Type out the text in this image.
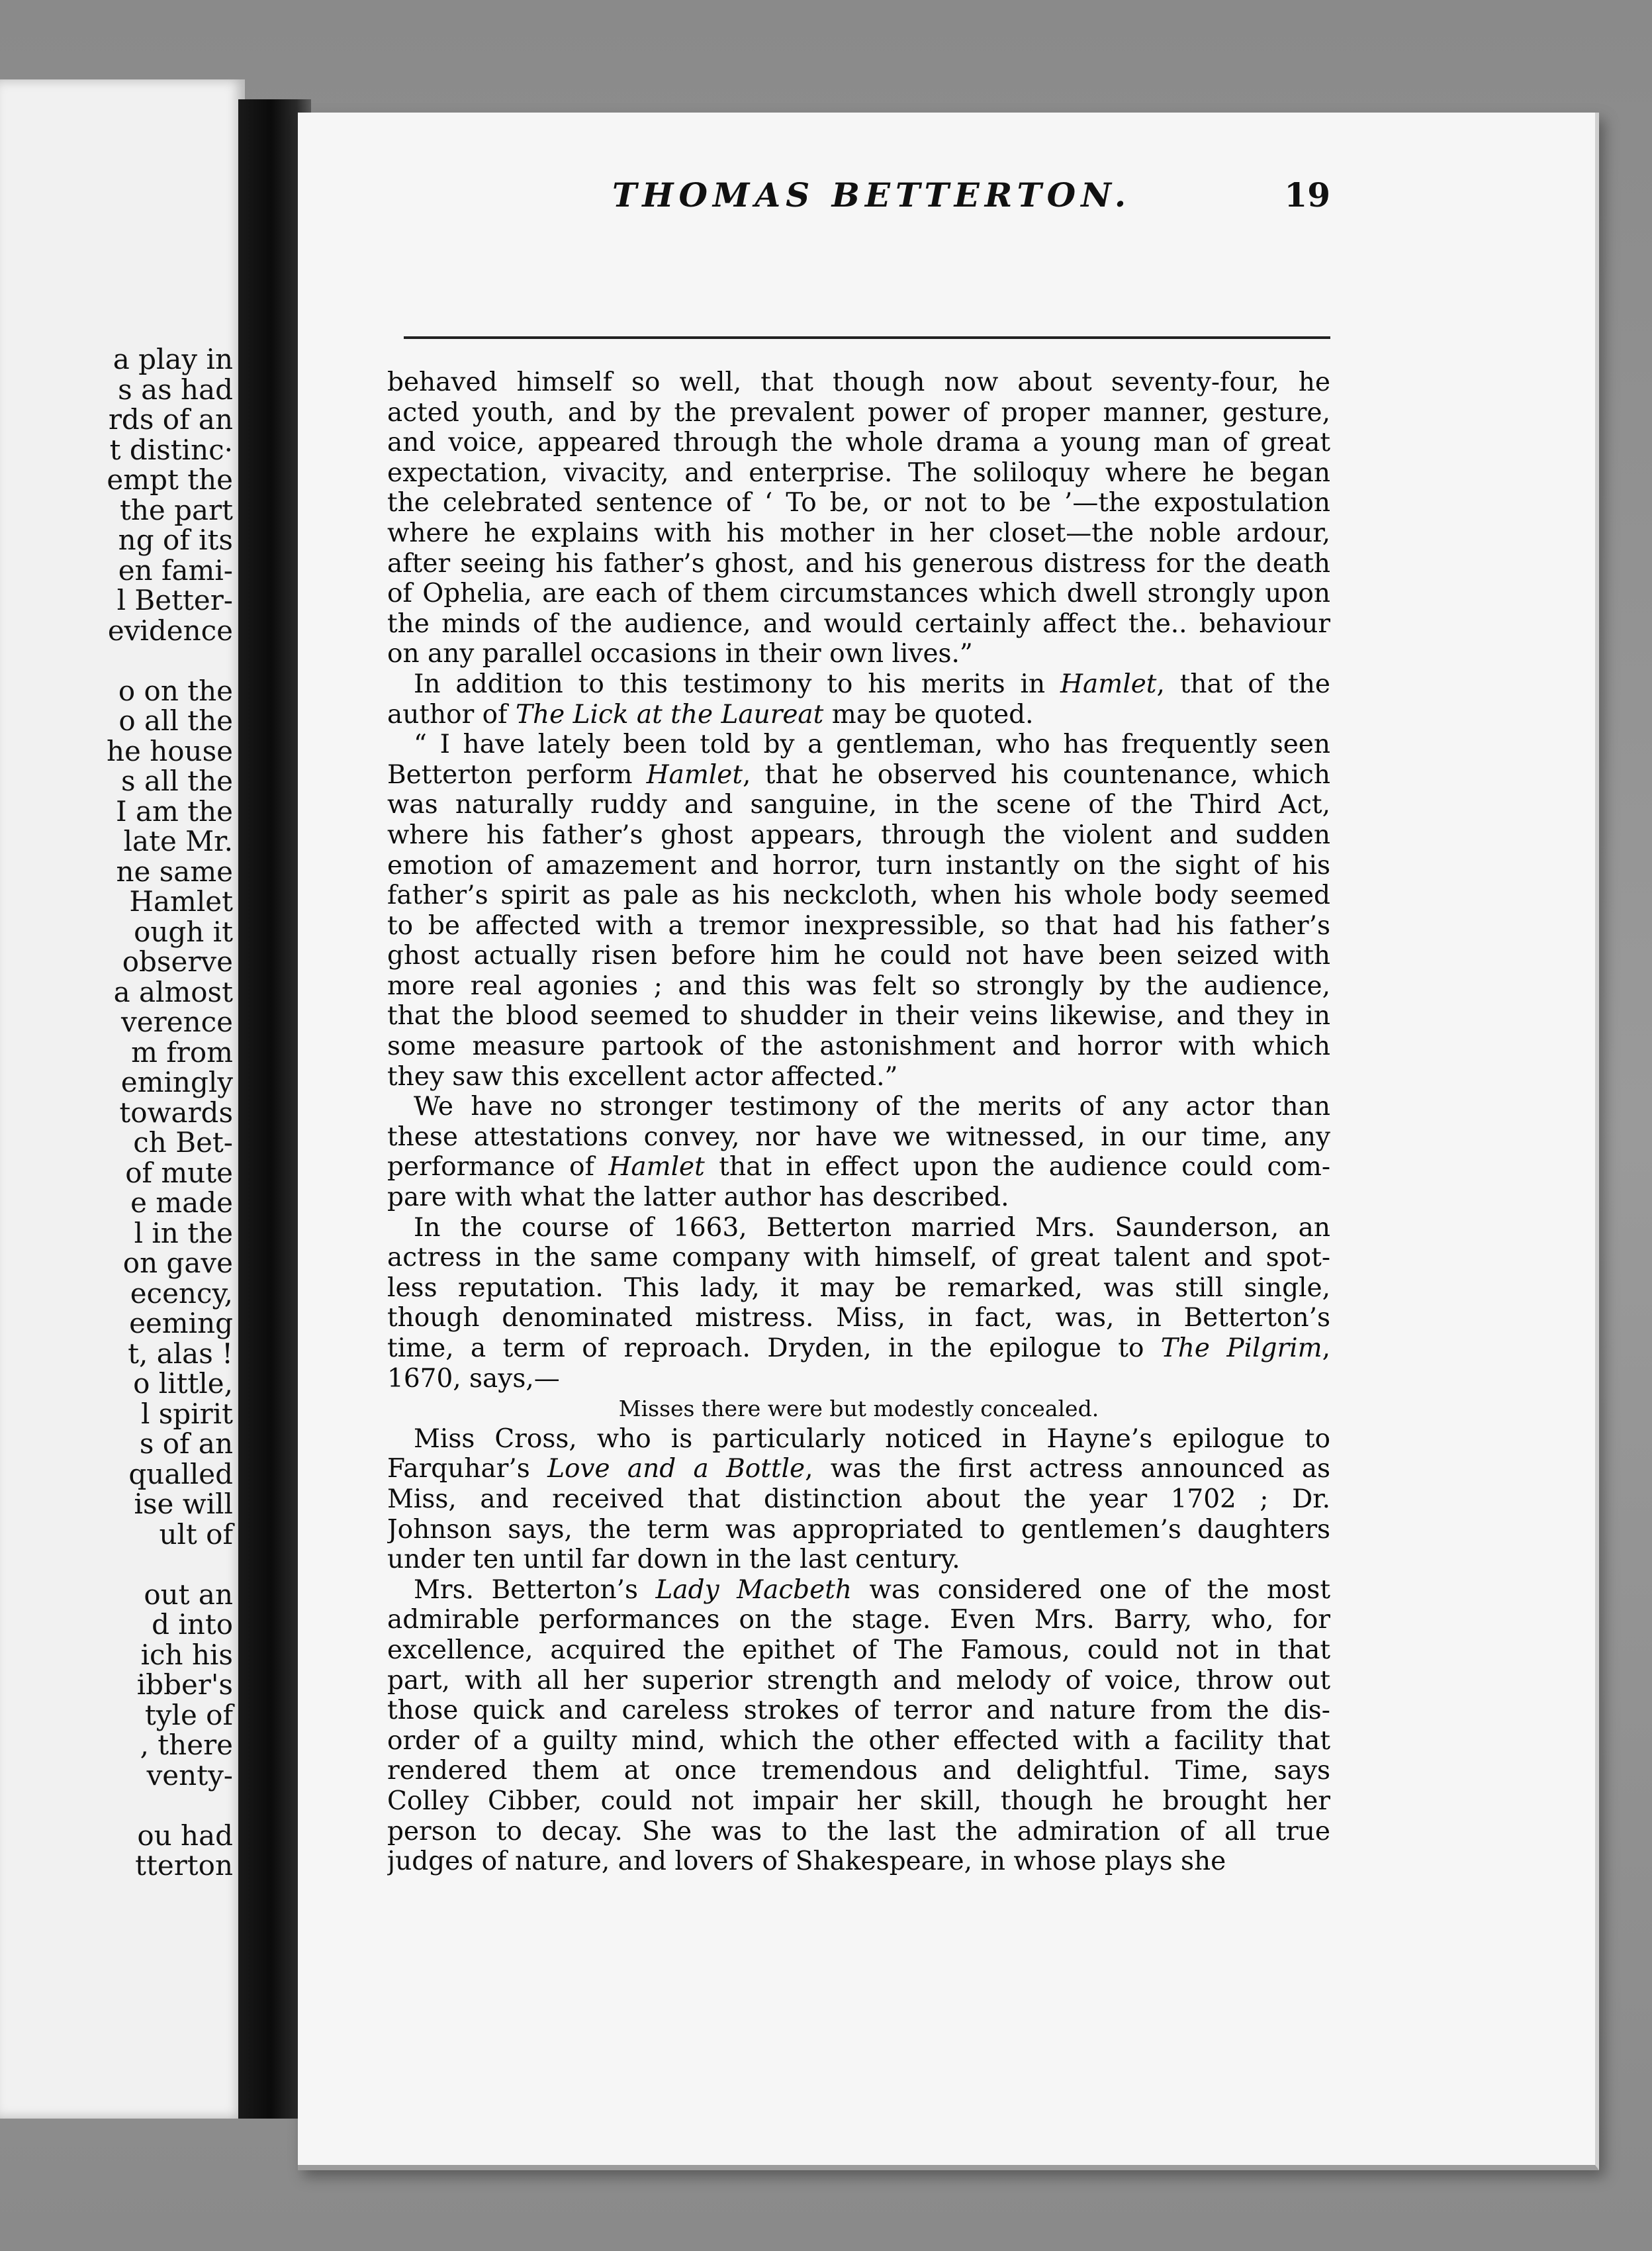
a play in
s as had
rds of an
t distinc·
empt the
the part
ng of its
en fami-
l Better-
evidence
o on the
o all the
he house
s all the
I am the
late Mr.
ne same
Hamlet
ough it
observe
a almost
verence
m from
emingly
towards
ch Bet-
of mute
e made
l in the
on gave
ecency,
eeming
t, alas !
o little,
l spirit
s of an
qualled
ise will
ult of
out an
d into
ich his
ibber's
tyle of
, there
venty-
ou had
tterton
THOMAS BETTERTON.	19

behaved himself so well, that though now about seventy-four, he
acted youth, and by the prevalent power of proper manner, gesture,
and voice, appeared through the whole drama a young man of great
expectation, vivacity, and enterprise. The soliloquy where he began
the celebrated sentence of ‘ To be, or not to be ’—the expostulation
where he explains with his mother in her closet—the noble ardour,
after seeing his father’s ghost, and his generous distress for the death
of Ophelia, are each of them circumstances which dwell strongly upon
the minds of the audience, and would certainly affect the.. behaviour
on any parallel occasions in their own lives.”

In addition to this testimony to his merits in Hamlet, that of the
author of The Lick at the Laureat may be quoted.

“ I have lately been told by a gentleman, who has frequently seen
Betterton perform Hamlet, that he observed his countenance, which
was naturally ruddy and sanguine, in the scene of the Third Act,
where his father’s ghost appears, through the violent and sudden
emotion of amazement and horror, turn instantly on the sight of his
father’s spirit as pale as his neckcloth, when his whole body seemed
to be affected with a tremor inexpressible, so that had his father’s
ghost actually risen before him he could not have been seized with
more real agonies ; and this was felt so strongly by the audience,
that the blood seemed to shudder in their veins likewise, and they in
some measure partook of the astonishment and horror with which
they saw this excellent actor affected.”

We have no stronger testimony of the merits of any actor than
these attestations convey, nor have we witnessed, in our time, any
performance of Hamlet that in effect upon the audience could com-
pare with what the latter author has described.

In the course of 1663, Betterton married Mrs. Saunderson, an
actress in the same company with himself, of great talent and spot-
less reputation. This lady, it may be remarked, was still single,
though denominated mistress. Miss, in fact, was, in Betterton’s
time, a term of reproach. Dryden, in the epilogue to The Pilgrim,
1670, says,—

Misses there were but modestly concealed.

Miss Cross, who is particularly noticed in Hayne’s epilogue to
Farquhar’s Love and a Bottle, was the first actress announced as
Miss, and received that distinction about the year 1702 ; Dr.
Johnson says, the term was appropriated to gentlemen’s daughters
under ten until far down in the last century.

Mrs. Betterton’s Lady Macbeth was considered one of the most
admirable performances on the stage. Even Mrs. Barry, who, for
excellence, acquired the epithet of The Famous, could not in that
part, with all her superior strength and melody of voice, throw out
those quick and careless strokes of terror and nature from the dis-
order of a guilty mind, which the other effected with a facility that
rendered them at once tremendous and delightful. Time, says
Colley Cibber, could not impair her skill, though he brought her
person to decay. She was to the last the admiration of all true
judges of nature, and lovers of Shakespeare, in whose plays she
